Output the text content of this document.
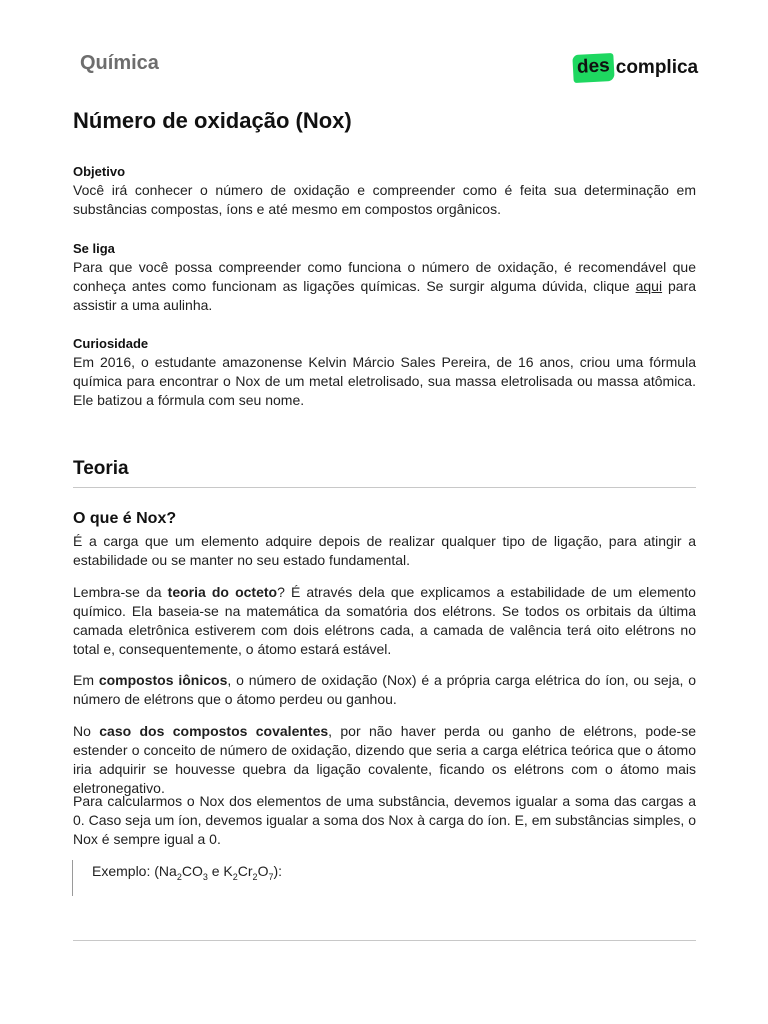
Química	des complica
Número de oxidação (Nox)
Objetivo

Você irá conhecer o número de oxidação e compreender como é feita sua determinação em substâncias compostas, íons e até mesmo em compostos orgânicos.

Se liga

Para que você possa compreender como funciona o número de oxidação, é recomendável que conheça antes como funcionam as ligações químicas. Se surgir alguma dúvida, clique aqui para assistir a uma aulinha.

Curiosidade

Em 2016, o estudante amazonense Kelvin Márcio Sales Pereira, de 16 anos, criou uma fórmula química para encontrar o Nox de um metal eletrolisado, sua massa eletrolisada ou massa atômica. Ele batizou a fórmula com seu nome.

Teoria
O que é Nox?

É a carga que um elemento adquire depois de realizar qualquer tipo de ligação, para atingir a estabilidade ou se manter no seu estado fundamental.

Lembra-se da teoria do octeto? É através dela que explicamos a estabilidade de um elemento químico. Ela baseia-se na matemática da somatória dos elétrons. Se todos os orbitais da última camada eletrônica estiverem com dois elétrons cada, a camada de valência terá oito elétrons no total e, consequentemente, o átomo estará estável.

Em compostos iônicos, o número de oxidação (Nox) é a própria carga elétrica do íon, ou seja, o número de elétrons que o átomo perdeu ou ganhou.

No caso dos compostos covalentes, por não haver perda ou ganho de elétrons, pode-se estender o conceito de número de oxidação, dizendo que seria a carga elétrica teórica que o átomo iria adquirir se houvesse quebra da ligação covalente, ficando os elétrons com o átomo mais eletronegativo.

Para calcularmos o Nox dos elementos de uma substância, devemos igualar a soma das cargas a 0. Caso seja um íon, devemos igualar a soma dos Nox à carga do íon. E, em substâncias simples, o Nox é sempre igual a 0.

Exemplo: ($Na_2CO_3$ e $K_2Cr_2O_7$):
